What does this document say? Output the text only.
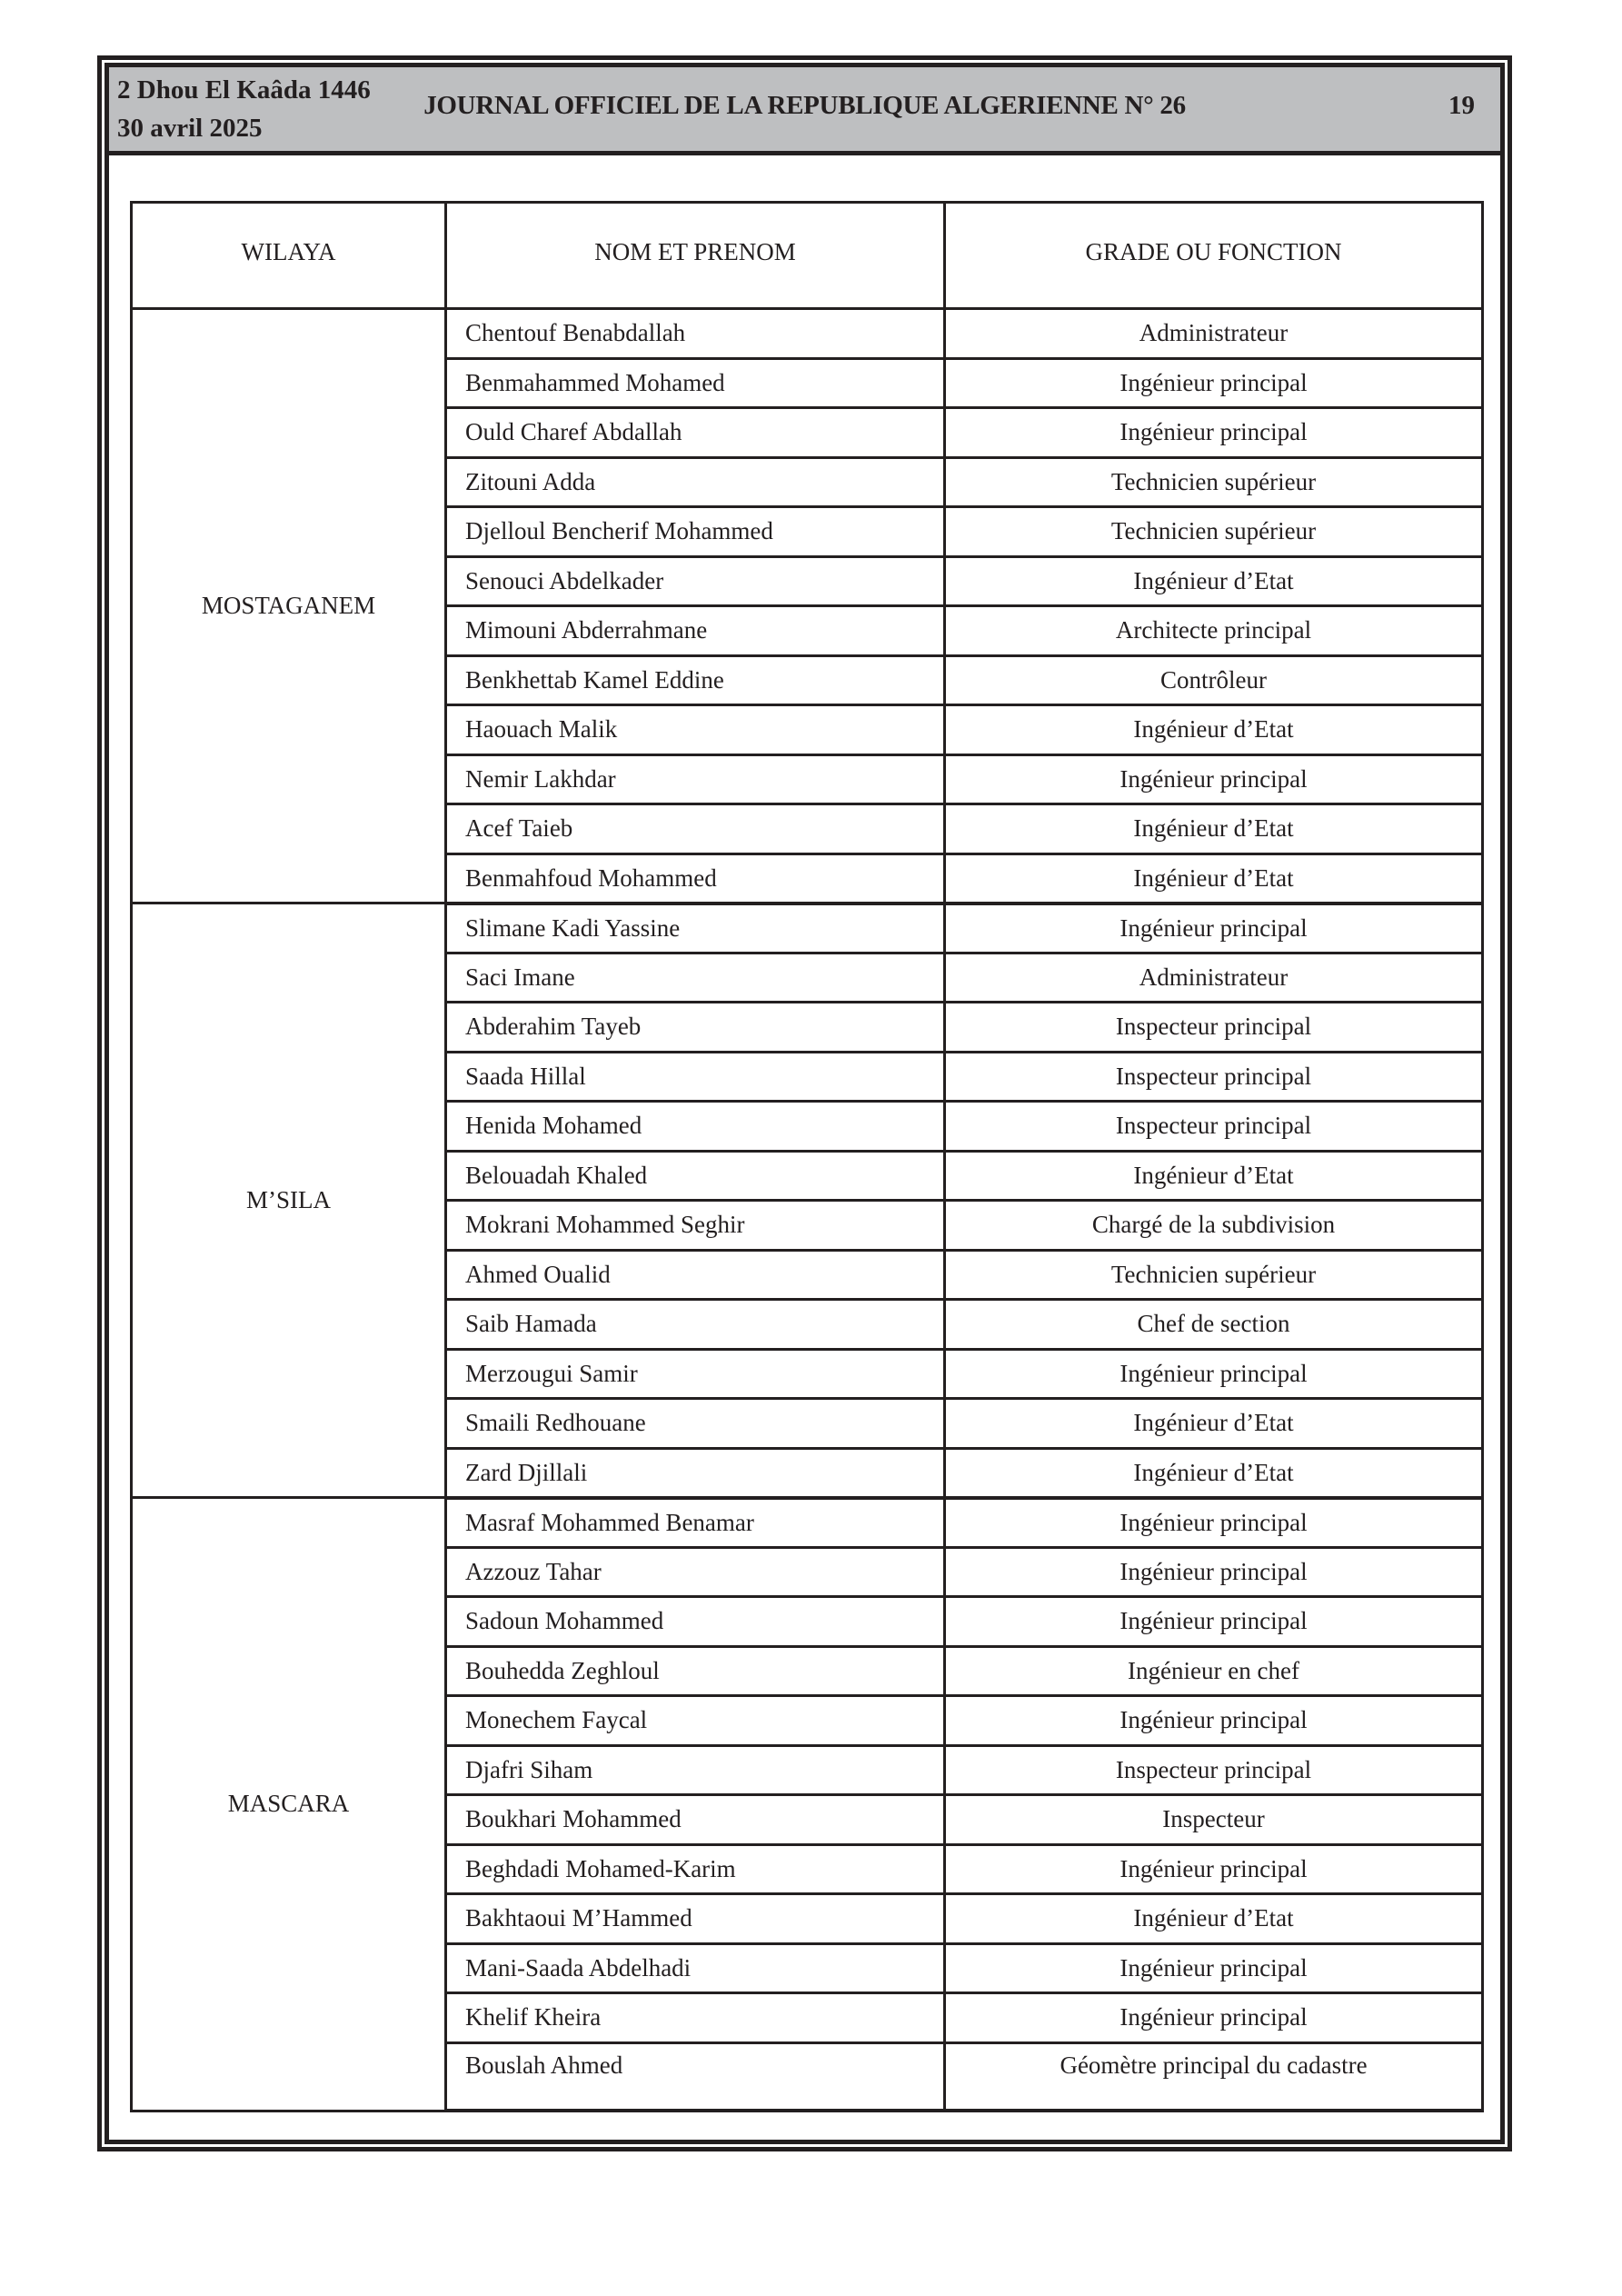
2 Dhou El Kaâda 1446
30 avril 2025
JOURNAL OFFICIEL DE LA REPUBLIQUE ALGERIENNE N° 26	19
WILAYA	NOM ET PRENOM	GRADE OU FONCTION
MOSTAGANEM	Chentouf Benabdallah	Administrateur
	Benmahammed Mohamed	Ingénieur principal
	Ould Charef Abdallah	Ingénieur principal
	Zitouni Adda	Technicien supérieur
	Djelloul Bencherif Mohammed	Technicien supérieur
	Senouci Abdelkader	Ingénieur d’Etat
	Mimouni Abderrahmane	Architecte principal
	Benkhettab Kamel Eddine	Contrôleur
	Haouach Malik	Ingénieur d’Etat
	Nemir Lakhdar	Ingénieur principal
	Acef Taieb	Ingénieur d’Etat
	Benmahfoud Mohammed	Ingénieur d’Etat
M’SILA	Slimane Kadi Yassine	Ingénieur principal
	Saci Imane	Administrateur
	Abderahim Tayeb	Inspecteur principal
	Saada Hillal	Inspecteur principal
	Henida Mohamed	Inspecteur principal
	Belouadah Khaled	Ingénieur d’Etat
	Mokrani Mohammed Seghir	Chargé de la subdivision
	Ahmed Oualid	Technicien supérieur
	Saib Hamada	Chef de section
	Merzougui Samir	Ingénieur principal
	Smaili Redhouane	Ingénieur d’Etat
	Zard Djillali	Ingénieur d’Etat
MASCARA	Masraf Mohammed Benamar	Ingénieur principal
	Azzouz Tahar	Ingénieur principal
	Sadoun Mohammed	Ingénieur principal
	Bouhedda Zeghloul	Ingénieur en chef
	Monechem Faycal	Ingénieur principal
	Djafri Siham	Inspecteur principal
	Boukhari Mohammed	Inspecteur
	Beghdadi Mohamed-Karim	Ingénieur principal
	Bakhtaoui M’Hammed	Ingénieur d’Etat
	Mani-Saada Abdelhadi	Ingénieur principal
	Khelif Kheira	Ingénieur principal
	Bouslah Ahmed	Géomètre principal du cadastre
